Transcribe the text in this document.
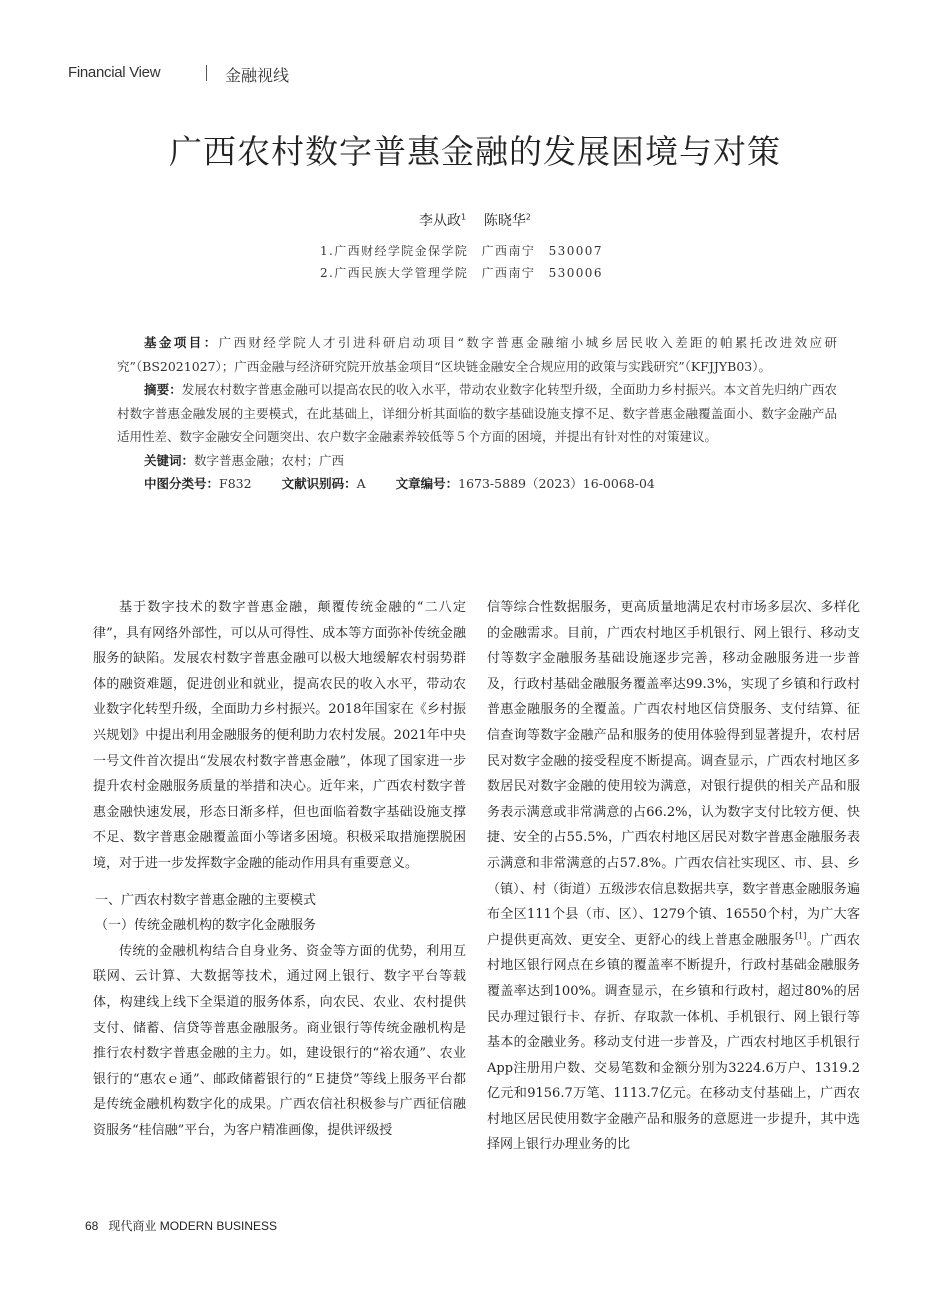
Financial View	金融视线
广西农村数字普惠金融的发展困境与对策
李从政$^1$ 陈晓华$^2$
1.广西财经学院金保学院　广西南宁　530007
2.广西民族大学管理学院　广西南宁　530006

基金项目：广西财经学院人才引进科研启动项目“数字普惠金融缩小城乡居民收入差距的帕累托改进效应研究”（BS2021027）；广西金融与经济研究院开放基金项目“区块链金融安全合规应用的政策与实践研究”（KFJJYB03）。

摘要：发展农村数字普惠金融可以提高农民的收入水平，带动农业数字化转型升级，全面助力乡村振兴。本文首先归纳广西农村数字普惠金融发展的主要模式，在此基础上，详细分析其面临的数字基础设施支撑不足、数字普惠金融覆盖面小、数字金融产品适用性差、数字金融安全问题突出、农户数字金融素养较低等５个方面的困境，并提出有针对性的对策建议。

关键词：数字普惠金融；农村；广西

中图分类号：F832 文献识别码：A 文章编号：1673-5889（2023）16-0068-04

基于数字技术的数字普惠金融，颠覆传统金融的“二八定律”，具有网络外部性，可以从可得性、成本等方面弥补传统金融服务的缺陷。发展农村数字普惠金融可以极大地缓解农村弱势群体的融资难题，促进创业和就业，提高农民的收入水平，带动农业数字化转型升级，全面助力乡村振兴。2018年国家在《乡村振兴规划》中提出利用金融服务的便利助力农村发展。2021年中央一号文件首次提出“发展农村数字普惠金融”，体现了国家进一步提升农村金融服务质量的举措和决心。近年来，广西农村数字普惠金融快速发展，形态日渐多样，但也面临着数字基础设施支撑不足、数字普惠金融覆盖面小等诸多困境。积极采取措施摆脱困境，对于进一步发挥数字金融的能动作用具有重要意义。

一、广西农村数字普惠金融的主要模式

（一）传统金融机构的数字化金融服务

传统的金融机构结合自身业务、资金等方面的优势，利用互联网、云计算、大数据等技术，通过网上银行、数字平台等载体，构建线上线下全渠道的服务体系，向农民、农业、农村提供支付、储蓄、信贷等普惠金融服务。商业银行等传统金融机构是推行农村数字普惠金融的主力。如，建设银行的“裕农通”、农业银行的“惠农ｅ通”、邮政储蓄银行的“Ｅ捷贷”等线上服务平台都是传统金融机构数字化的成果。广西农信社积极参与广西征信融资服务“桂信融”平台，为客户精准画像，提供评级授

信等综合性数据服务，更高质量地满足农村市场多层次、多样化的金融需求。目前，广西农村地区手机银行、网上银行、移动支付等数字金融服务基础设施逐步完善，移动金融服务进一步普及，行政村基础金融服务覆盖率达99.3%，实现了乡镇和行政村普惠金融服务的全覆盖。广西农村地区信贷服务、支付结算、征信查询等数字金融产品和服务的使用体验得到显著提升，农村居民对数字金融的接受程度不断提高。调查显示，广西农村地区多数居民对数字金融的使用较为满意，对银行提供的相关产品和服务表示满意或非常满意的占66.2%，认为数字支付比较方便、快捷、安全的占55.5%，广西农村地区居民对数字普惠金融服务表示满意和非常满意的占57.8%。广西农信社实现区、市、县、乡（镇）、村（街道）五级涉农信息数据共享，数字普惠金融服务遍布全区111个县（市、区）、1279个镇、16550个村，为广大客户提供更高效、更安全、更舒心的线上普惠金融服务[1]。广西农村地区银行网点在乡镇的覆盖率不断提升，行政村基础金融服务覆盖率达到100%。调查显示，在乡镇和行政村，超过80%的居民办理过银行卡、存折、存取款一体机、手机银行、网上银行等基本的金融业务。移动支付进一步普及，广西农村地区手机银行App注册用户数、交易笔数和金额分别为3224.6万户、1319.2亿元和9156.7万笔、1113.7亿元。在移动支付基础上，广西农村地区居民使用数字金融产品和服务的意愿进一步提升，其中选择网上银行办理业务的比

68 现代商业 MODERN BUSINESS
